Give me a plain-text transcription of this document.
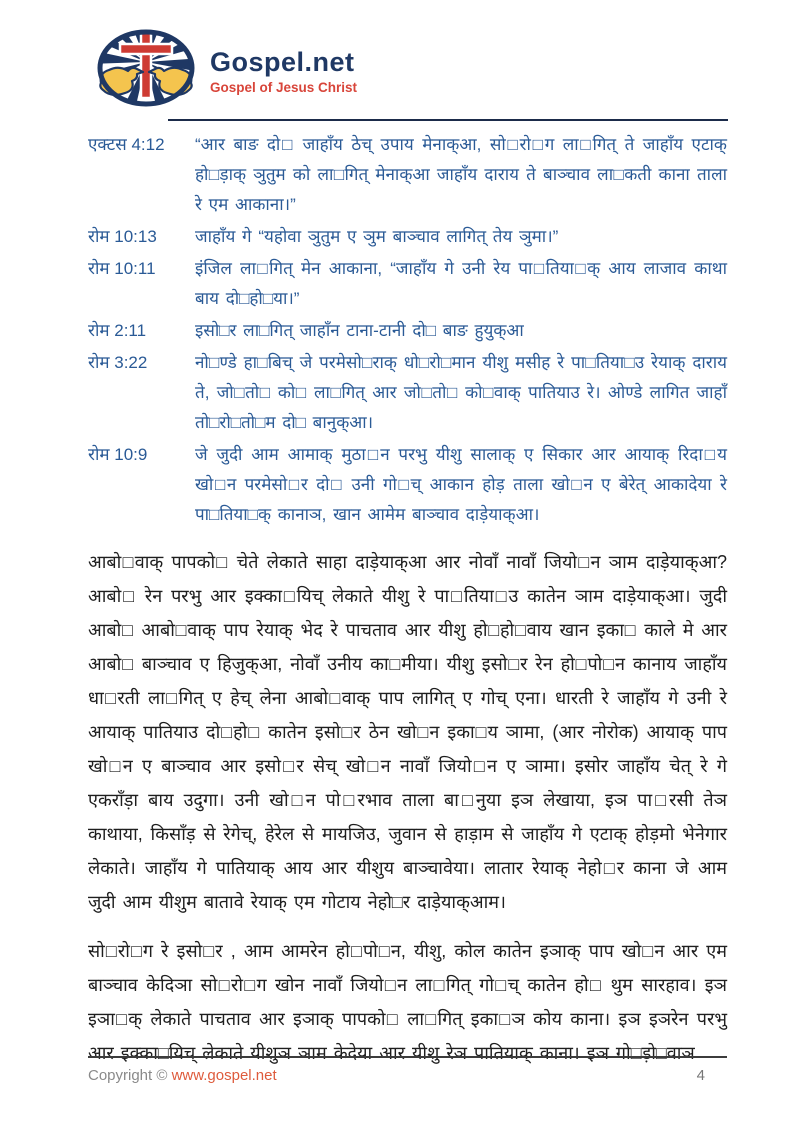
Gospel.net
Gospel of Jesus Christ
एक्टस 4:12	“आर बाङ दो□ जाहाँय ठेच् उपाय मेनाक्आ, सो□रो□ग ला□गित् ते जाहाँय एटाक् हो□ड़ाक् ञुतुम को ला□गित् मेनाक्आ जाहाँय दाराय ते बाञ्चाव ला□कती काना ताला रे एम आकाना।”
रोम 10:13	जाहाँय गे “यहोवा ञुतुम ए ञुम बाञ्चाव लागित् तेय ञुमा।”
रोम 10:11	इंजिल ला□गित् मेन आकाना, “जाहाँय गे उनी रेय पा□तिया□क् आय लाजाव काथा बाय दो□हो□या।”
रोम 2:11	इसो□र ला□गित् जाहाँन टाना-टानी दो□ बाङ हुयुक्आ
रोम 3:22	नो□ण्डे हा□बिच् जे परमेसो□राक् धो□रो□मान यीशु मसीह रे पा□तिया□उ रेयाक् दाराय ते, जो□तो□ को□ ला□गित् आर जो□तो□ को□वाक् पातियाउ रे। ओण्डे लागित जाहाँ तो□रो□तो□म दो□ बानुक्आ।
रोम 10:9	जे जुदी आम आमाक् मुठा□न परभु यीशु सालाक् ए सिकार आर आयाक् रिदा□य खो□न परमेसो□र दो□ उनी गो□च् आकान होड़ ताला खो□न ए बेरेत् आकादेया रे पा□तिया□क् कानाञ, खान आमेम बाञ्चाव दाड़ेयाक्आ।

आबो□वाक् पापको□ चेते लेकाते साहा दाड़ेयाक्आ आर नोवाँ नावाँ जियो□न ञाम दाड़ेयाक्आ? आबो□ रेन परभु आर इक्का□यिच् लेकाते यीशु रे पा□तिया□उ कातेन ञाम दाड़ेयाक्आ। जुदी आबो□ आबो□वाक् पाप रेयाक् भेद रे पाचताव आर यीशु हो□हो□वाय खान इका□ काले मे आर आबो□ बाञ्चाव ए हिजुक्आ, नोवाँ उनीय का□मीया। यीशु इसो□र रेन हो□पो□न कानाय जाहाँय धा□रती ला□गित् ए हेच् लेना आबो□वाक् पाप लागित् ए गोच् एना। धारती रे जाहाँय गे उनी रे आयाक् पातियाउ दो□हो□ कातेन इसो□र ठेन खो□न इका□य ञामा, (आर नोरोक) आयाक् पाप खो□न ए बाञ्चाव आर इसो□र सेच् खो□न नावाँ जियो□न ए ञामा। इसोर जाहाँय चेत् रे गे एकराँड़ा बाय उदुगा। उनी खो□न पो□रभाव ताला बा□नुया इञ लेखाया, इञ पा□रसी तेञ काथाया, किसाँड़ से रेगेच्, हेरेल से मायजिउ, जुवान से हाड़ाम से जाहाँय गे एटाक् होड़मो भेनेगार लेकाते। जाहाँय गे पातियाक् आय आर यीशुय बाञ्चावेया। लातार रेयाक् नेहो□र काना जे आम जुदी आम यीशुम बातावे रेयाक् एम गोटाय नेहो□र दाड़ेयाक्आम।

सो□रो□ग रे इसो□र , आम आमरेन हो□पो□न, यीशु, कोल कातेन इञाक् पाप खो□न आर एम बाञ्चाव केदिञा सो□रो□ग खोन नावाँ जियो□न ला□गित् गो□च् कातेन हो□ थुम सारहाव। इञ इञा□क् लेकाते पाचताव आर इञाक् पापको□ ला□गित् इका□ञ कोय काना। इञ इञरेन परभु आर इक्का□यिच् लेकाते यीशुञ ञाम केदेया आर यीशु रेञ पातियाक् काना। इञ गो□ड़ो□वाञ

Copyright © www.gospel.net	4
